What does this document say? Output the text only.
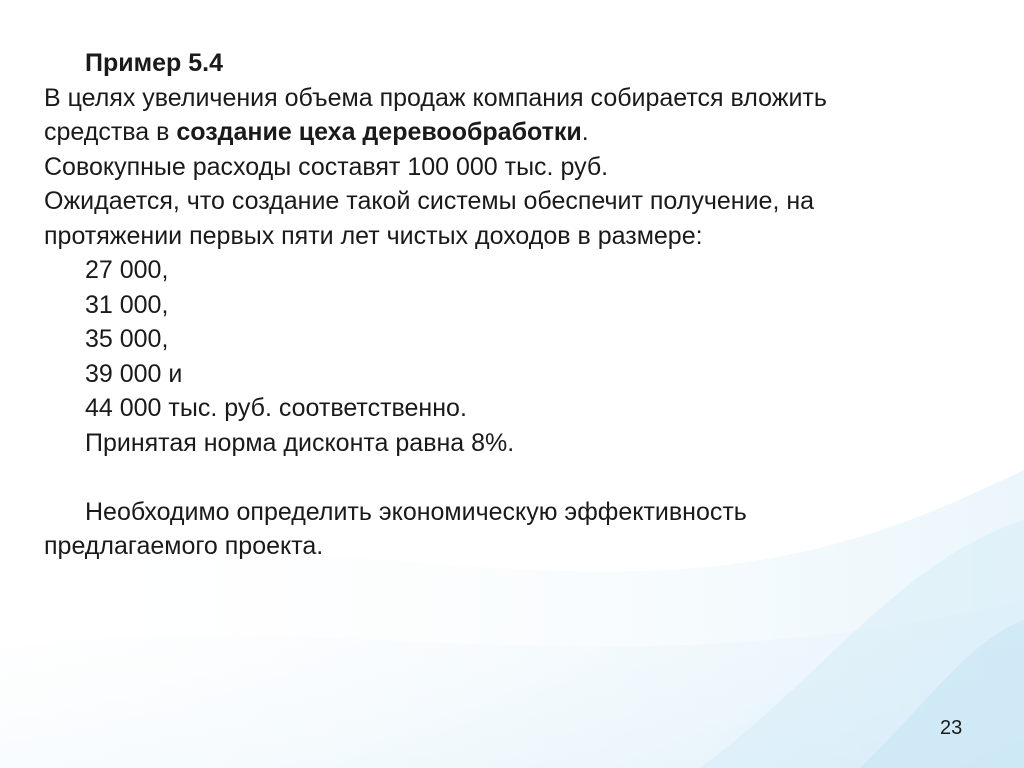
Пример 5.4

В целях увеличения объема продаж компания собирается вложить

средства в создание цеха деревообработки.

Совокупные расходы составят 100 000 тыс. руб.

Ожидается, что создание такой системы обеспечит получение, на

протяжении первых пяти лет чистых доходов в размере:

27 000,

31 000,

35 000,

39 000 и

44 000 тыс. руб. соответственно.

Принятая норма дисконта равна 8%.

Необходимо определить экономическую эффективность

предлагаемого проекта.

23
